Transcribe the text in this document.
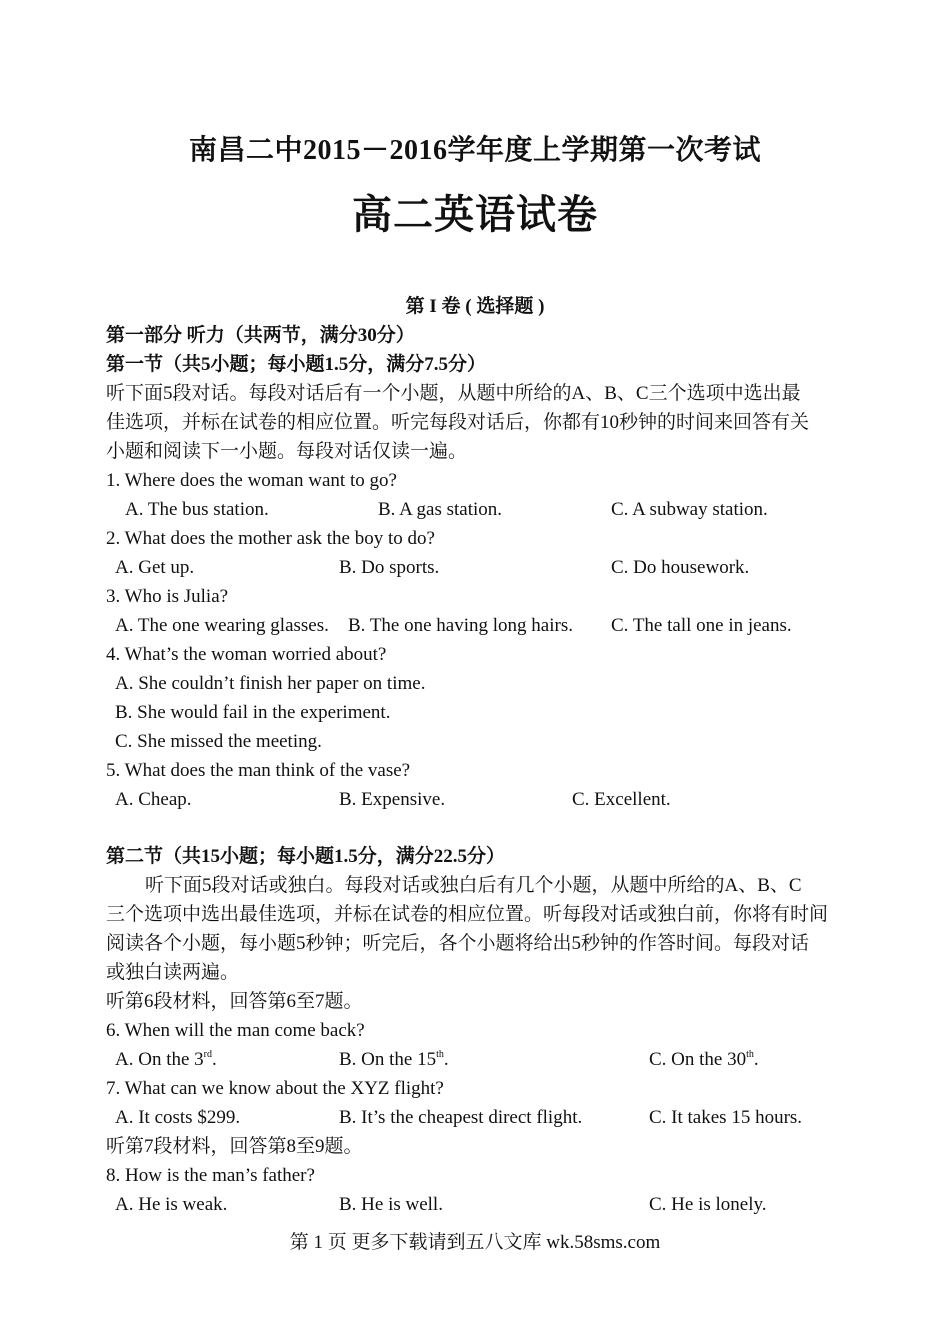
南昌二中2015－2016学年度上学期第一次考试
高二英语试卷
第 I 卷 ( 选择题 )
第一部分 听力（共两节，满分30分）
第一节（共5小题；每小题1.5分，满分7.5分）
听下面5段对话。每段对话后有一个小题，从题中所给的A、B、C三个选项中选出最
佳选项，并标在试卷的相应位置。听完每段对话后，你都有10秒钟的时间来回答有关
小题和阅读下一小题。每段对话仅读一遍。
1. Where does the woman want to go?
A. The bus station.	B. A gas station.	C. A subway station.
2. What does the mother ask the boy to do?
A. Get up.	B. Do sports.	C. Do housework.
3. Who is Julia?
A. The one wearing glasses. B. The one having long hairs. C. The tall one in jeans.
4. What’s the woman worried about?
A. She couldn’t finish her paper on time.
B. She would fail in the experiment.
C. She missed the meeting.
5. What does the man think of the vase?
A. Cheap.	B. Expensive.	C. Excellent.
第二节（共15小题；每小题1.5分，满分22.5分）
听下面5段对话或独白。每段对话或独白后有几个小题，从题中所给的A、B、C
三个选项中选出最佳选项，并标在试卷的相应位置。听每段对话或独白前，你将有时间
阅读各个小题，每小题5秒钟；听完后，各个小题将给出5秒钟的作答时间。每段对话
或独白读两遍。
听第6段材料，回答第6至7题。
6. When will the man come back?
A. On the 3rd.	B. On the 15th.	C. On the 30th.
7. What can we know about the XYZ flight?
A. It costs $299.	B. It’s the cheapest direct flight.	C. It takes 15 hours.
听第7段材料，回答第8至9题。
8. How is the man’s father?
A. He is weak.	B. He is well.	C. He is lonely.
第 1 页 更多下载请到五八文库 wk.58sms.com
